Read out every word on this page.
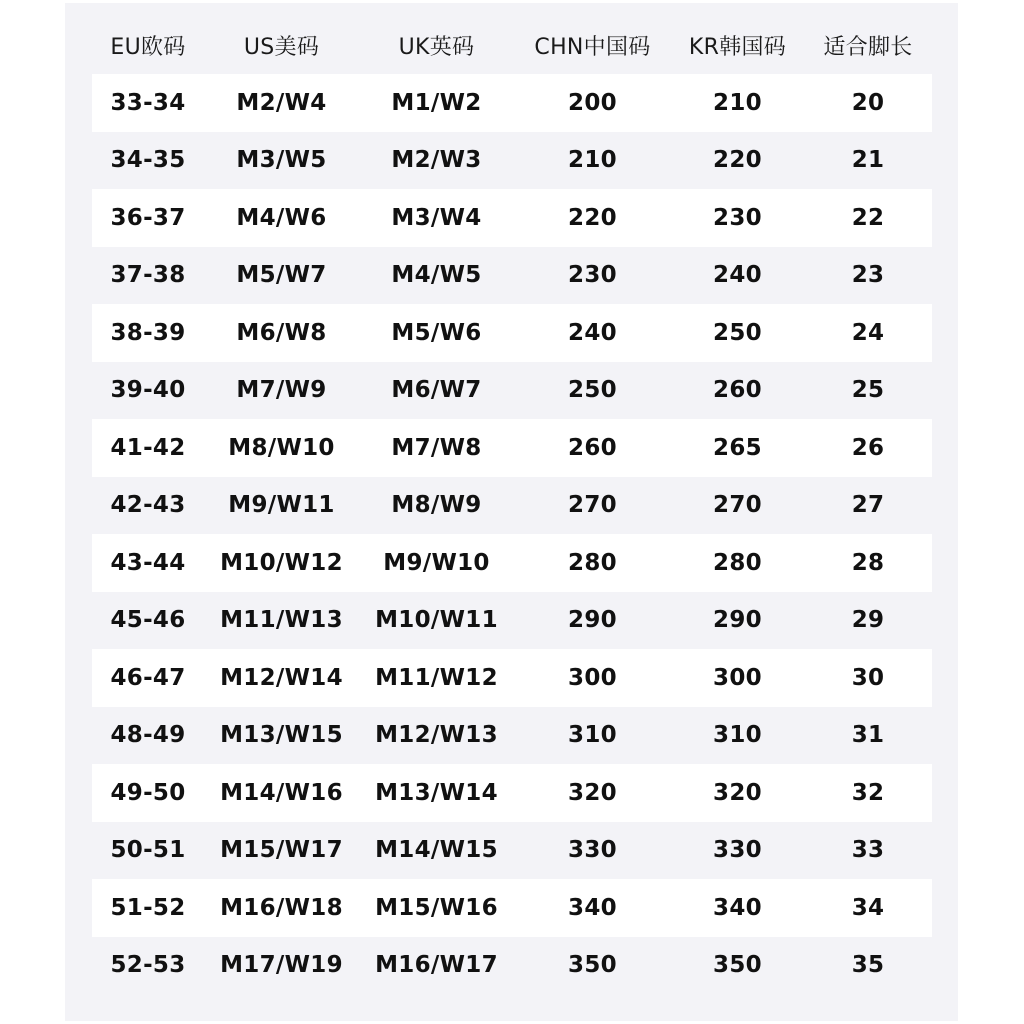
EU欧码	US美码	UK英码	CHN中国码	KR韩国码	适合脚长
33-34	M2/W4	M1/W2	200	210	20
34-35	M3/W5	M2/W3	210	220	21
36-37	M4/W6	M3/W4	220	230	22
37-38	M5/W7	M4/W5	230	240	23
38-39	M6/W8	M5/W6	240	250	24
39-40	M7/W9	M6/W7	250	260	25
41-42	M8/W10	M7/W8	260	265	26
42-43	M9/W11	M8/W9	270	270	27
43-44	M10/W12	M9/W10	280	280	28
45-46	M11/W13	M10/W11	290	290	29
46-47	M12/W14	M11/W12	300	300	30
48-49	M13/W15	M12/W13	310	310	31
49-50	M14/W16	M13/W14	320	320	32
50-51	M15/W17	M14/W15	330	330	33
51-52	M16/W18	M15/W16	340	340	34
52-53	M17/W19	M16/W17	350	350	35
